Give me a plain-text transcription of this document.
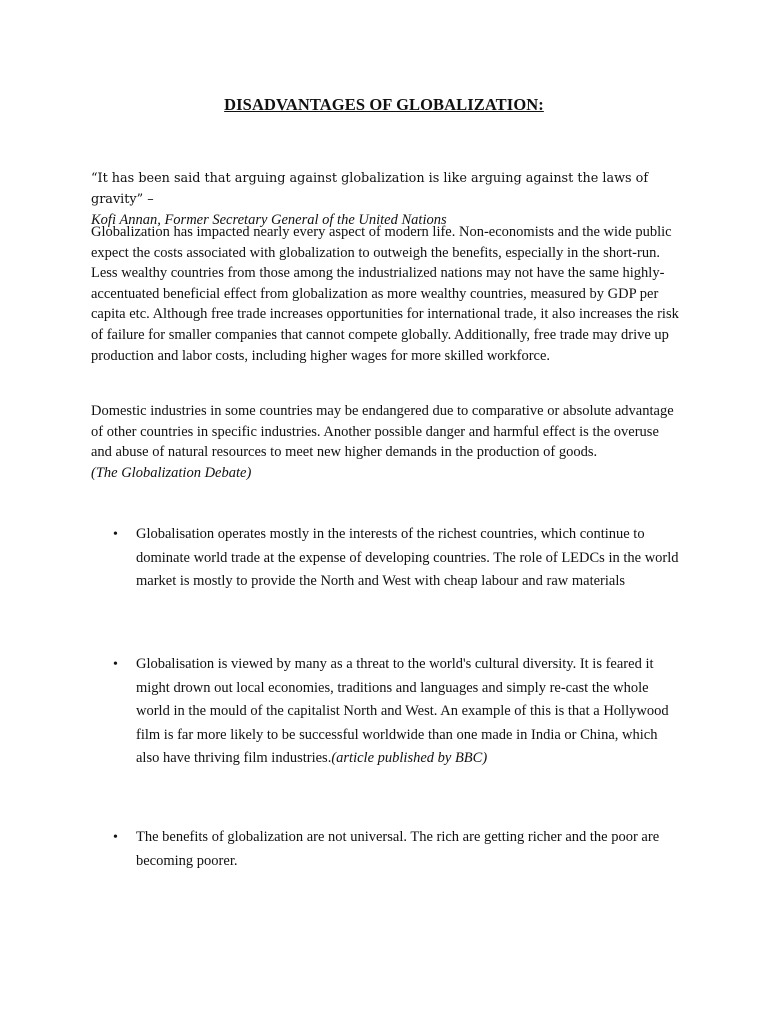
DISADVANTAGES OF GLOBALIZATION:
“It has been said that arguing against globalization is like arguing against the laws of gravity” –
Kofi Annan, Former Secretary General of the United Nations
Globalization has impacted nearly every aspect of modern life. Non-economists and the wide public expect the costs associated with globalization to outweigh the benefits, especially in the short-run. Less wealthy countries from those among the industrialized nations may not have the same highly-accentuated beneficial effect from globalization as more wealthy countries, measured by GDP per capita etc. Although free trade increases opportunities for international trade, it also increases the risk of failure for smaller companies that cannot compete globally. Additionally, free trade may drive up production and labor costs, including higher wages for more skilled workforce.
Domestic industries in some countries may be endangered due to comparative or absolute advantage of other countries in specific industries. Another possible danger and harmful effect is the overuse and abuse of natural resources to meet new higher demands in the production of goods.
(The Globalization Debate)
•	Globalisation operates mostly in the interests of the richest countries, which continue to dominate world trade at the expense of developing countries. The role of LEDCs in the world market is mostly to provide the North and West with cheap labour and raw materials
•	Globalisation is viewed by many as a threat to the world's cultural diversity. It is feared it might drown out local economies, traditions and languages and simply re-cast the whole world in the mould of the capitalist North and West. An example of this is that a Hollywood film is far more likely to be successful worldwide than one made in India or China, which also have thriving film industries.(article published by BBC)
•	The benefits of globalization are not universal. The rich are getting richer and the poor are becoming poorer.
